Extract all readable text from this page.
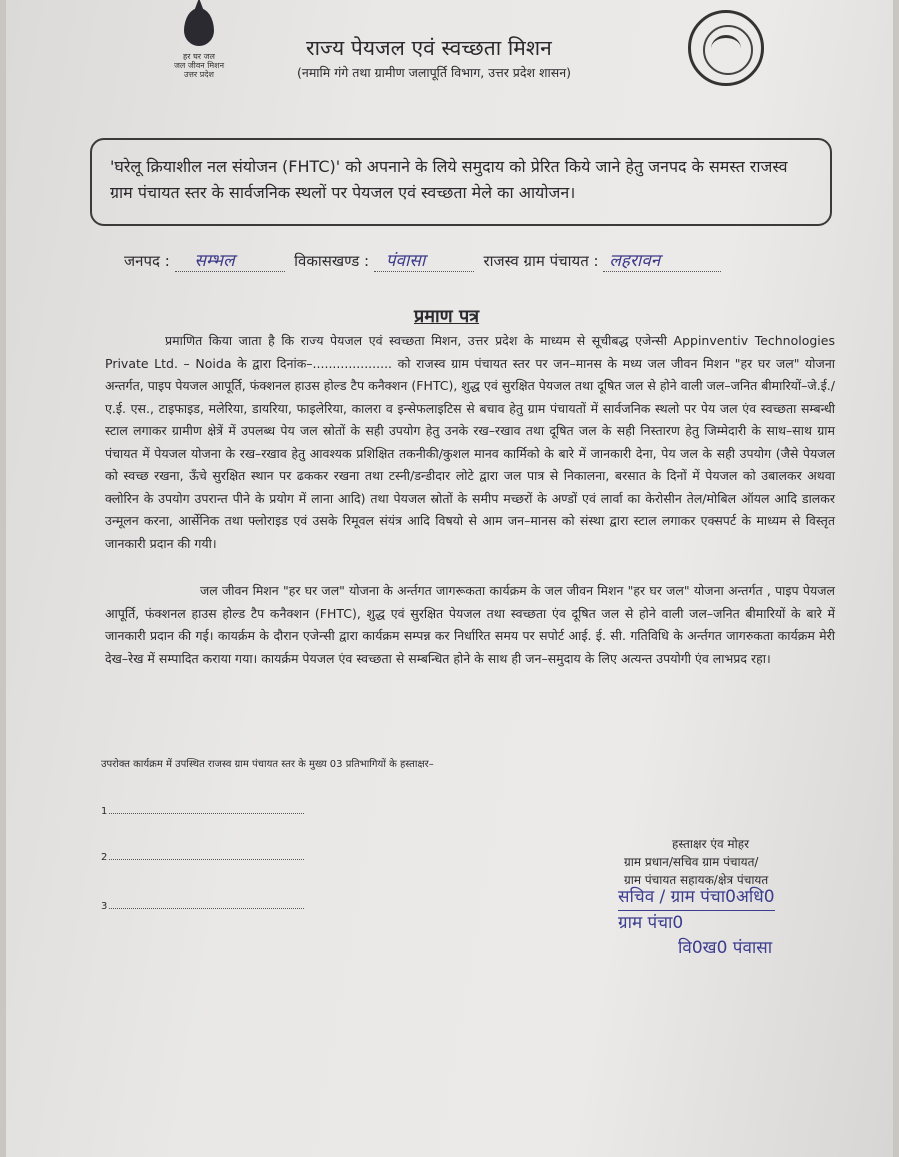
हर घर जल
जल जीवन मिशन
उत्तर प्रदेश
राज्य पेयजल एवं स्वच्छता मिशन
(नमामि गंगे तथा ग्रामीण जलापूर्ति विभाग, उत्तर प्रदेश शासन)
'घरेलू क्रियाशील नल संयोजन (FHTC)' को अपनाने के लिये समुदाय को प्रेरित किये जाने हेतु जनपद के समस्त राजस्व ग्राम पंचायत स्तर के सार्वजनिक स्थलों पर पेयजल एवं स्वच्छता मेले का आयोजन।
जनपद : सम्भल	विकासखण्ड : पंवासा	राजस्व ग्राम पंचायत : लहरावन
प्रमाण पत्र
प्रमाणित किया जाता है कि राज्य पेयजल एवं स्वच्छता मिशन, उत्तर प्रदेश के माध्यम से सूचीबद्ध एजेन्सी Appinventiv Technologies Private Ltd. – Noida के द्वारा दिनांक–.................... को राजस्व ग्राम पंचायत स्तर पर जन–मानस के मध्य जल जीवन मिशन "हर घर जल" योजना अन्तर्गत, पाइप पेयजल आपूर्ति, फंक्शनल हाउस होल्ड टैप कनैक्शन (FHTC), शुद्ध एवं सुरक्षित पेयजल तथा दूषित जल से होने वाली जल–जनित बीमारियों–जे.ई./ए.ई. एस., टाइफाइड, मलेरिया, डायरिया, फाइलेरिया, कालरा व इन्सेफलाइटिस से बचाव हेतु ग्राम पंचायतों में सार्वजनिक स्थलो पर पेय जल एंव स्वच्छता सम्बन्धी स्टाल लगाकर ग्रामीण क्षेत्रें में उपलब्ध पेय जल स्रोतों के सही उपयोग हेतु उनके रख–रखाव तथा दूषित जल के सही निस्तारण हेतु जिम्मेदारी के साथ–साथ ग्राम पंचायत में पेयजल योजना के रख–रखाव हेतु आवश्यक प्रशिक्षित तकनीकी/कुशल मानव कार्मिको के बारे में जानकारी देना, पेय जल के सही उपयोग (जैसे पेयजल को स्वच्छ रखना, ऊँचे सुरक्षित स्थान पर ढककर रखना तथा टस्नी/डन्डीदार लोटे द्वारा जल पात्र से निकालना, बरसात के दिनों में पेयजल को उबालकर अथवा क्लोरिन के उपयोग उपरान्त पीने के प्रयोग में लाना आदि) तथा पेयजल स्रोतों के समीप मच्छरों के अण्डों एवं लार्वा का केरोसीन तेल/मोबिल ऑयल आदि डालकर उन्मूलन करना, आर्सेनिक तथा फ्लोराइड एवं उसके रिमूवल संयंत्र आदि विषयो से आम जन–मानस को संस्था द्वारा स्टाल लगाकर एक्सपर्ट के माध्यम से विस्तृत जानकारी प्रदान की गयी।
जल जीवन मिशन "हर घर जल" योजना के अर्न्तगत जागरूकता कार्यक्रम के जल जीवन मिशन "हर घर जल" योजना अन्तर्गत , पाइप पेयजल आपूर्ति, फंक्शनल हाउस होल्ड टैप कनैक्शन (FHTC), शुद्ध एवं सुरक्षित पेयजल तथा स्वच्छता एंव दूषित जल से होने वाली जल–जनित बीमारियों के बारे में जानकारी प्रदान की गई। कायर्क्रम के दौरान एजेन्सी द्वारा कार्यक्रम सम्पन्न कर निर्धारित समय पर सपोर्ट आई. ई. सी. गतिविधि के अर्न्तगत जागरुकता कार्यक्रम मेरी देख–रेख में सम्पादित कराया गया। कायर्क्रम पेयजल एंव स्वच्छता से सम्बन्धित होने के साथ ही जन–समुदाय के लिए अत्यन्त उपयोगी एंव लाभप्रद रहा।
उपरोक्त कार्यक्रम में उपस्थित राजस्व ग्राम पंचायत स्तर के मुख्य 03 प्रतिभागियों के हस्ताक्षर–
1
2
3
हस्ताक्षर एंव मोहर
ग्राम प्रधान/सचिव ग्राम पंचायत/
ग्राम पंचायत सहायक/क्षेत्र पंचायत
सचिव / ग्राम पंचा0अधि0
ग्राम पंचा0
वि0ख0 पंवासा
